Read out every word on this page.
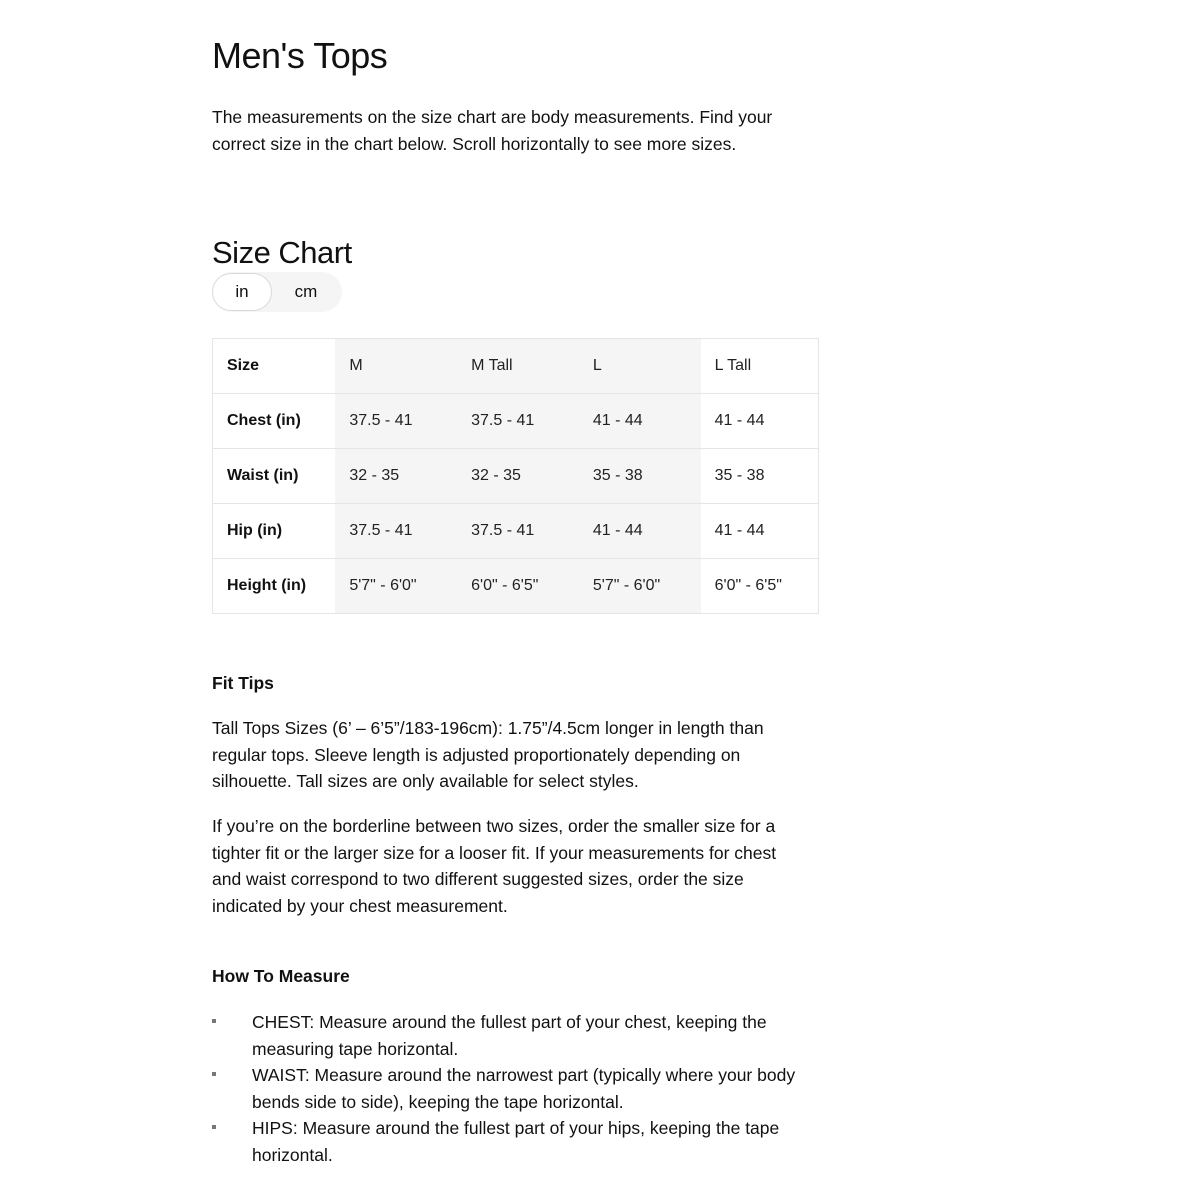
Men's Tops

The measurements on the size chart are body measurements. Find your correct size in the chart below. Scroll horizontally to see more sizes.

Size Chart
in	cm
Size	M	M Tall	L	L Tall
Chest (in)	37.5 - 41	37.5 - 41	41 - 44	41 - 44
Waist (in)	32 - 35	32 - 35	35 - 38	35 - 38
Hip (in)	37.5 - 41	37.5 - 41	41 - 44	41 - 44
Height (in)	5'7" - 6'0"	6'0" - 6'5"	5'7" - 6'0"	6'0" - 6'5"
Fit Tips

Tall Tops Sizes (6’ – 6’5”/183-196cm): 1.75”/4.5cm longer in length than regular tops. Sleeve length is adjusted proportionately depending on silhouette. Tall sizes are only available for select styles.

If you’re on the borderline between two sizes, order the smaller size for a tighter fit or the larger size for a looser fit. If your measurements for chest and waist correspond to two different suggested sizes, order the size indicated by your chest measurement.

How To Measure
CHEST: Measure around the fullest part of your chest, keeping the measuring tape horizontal.
WAIST: Measure around the narrowest part (typically where your body bends side to side), keeping the tape horizontal.
HIPS: Measure around the fullest part of your hips, keeping the tape horizontal.
